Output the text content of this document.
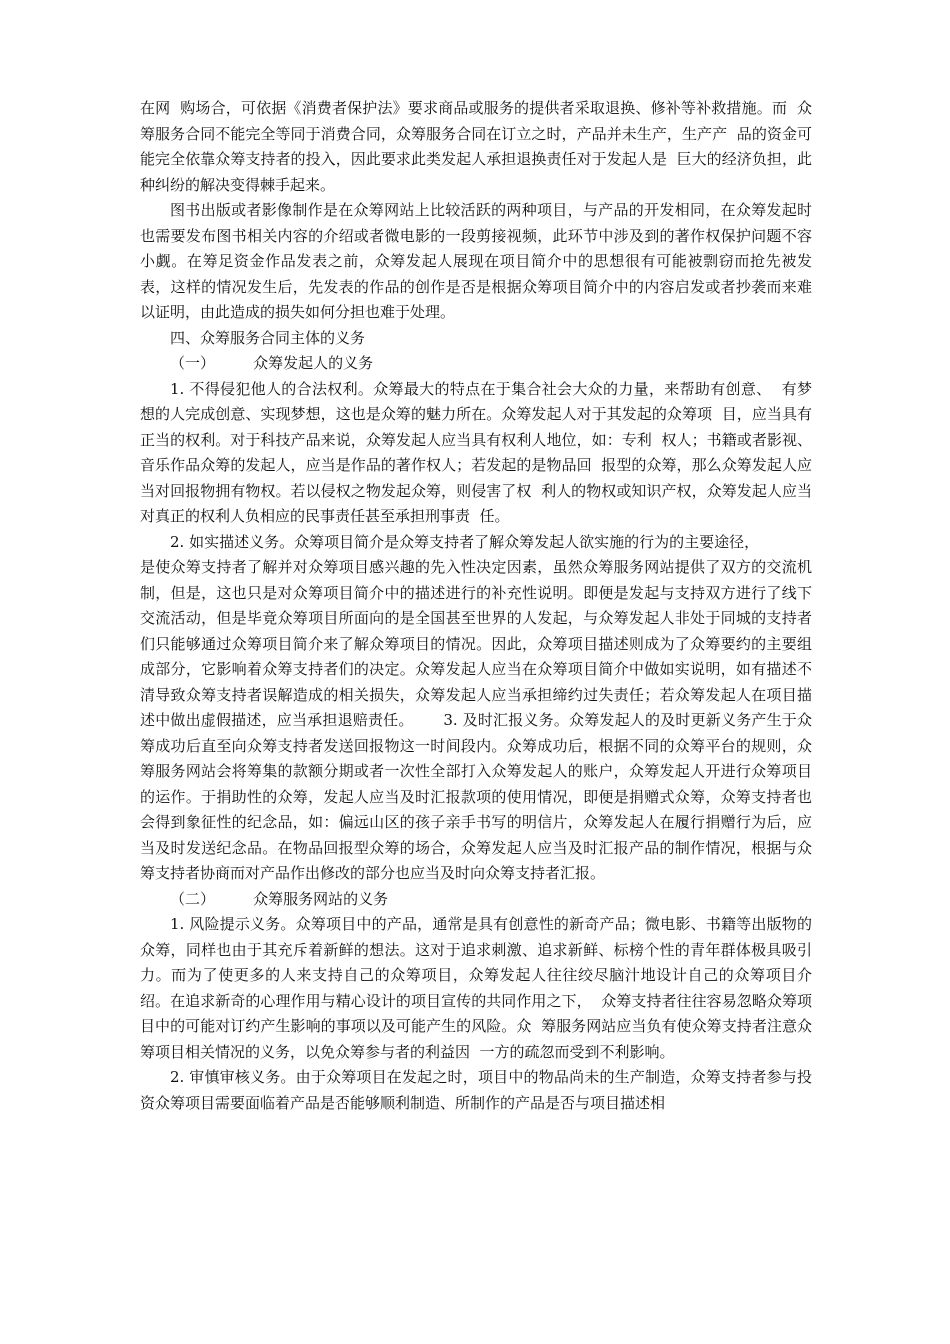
在网  购场合，可依据《消费者保护法》要求商品或服务的提供者采取退换、修补等补救措施。而  众筹服务合同不能完全等同于消费合同，众筹服务合同在订立之时，产品并未生产，生产产  品的资金可能完全依靠众筹支持者的投入，因此要求此类发起人承担退换责任对于发起人是  巨大的经济负担，此种纠纷的解决变得棘手起来。

图书出版或者影像制作是在众筹网站上比较活跃的两种项目，与产品的开发相同，在众筹发起时也需要发布图书相关内容的介绍或者微电影的一段剪接视频，此环节中涉及到的著作权保护问题不容小觑。在筹足资金作品发表之前，众筹发起人展现在项目简介中的思想很有可能被剽窃而抢先被发表，这样的情况发生后，先发表的作品的创作是否是根据众筹项目简介中的内容启发或者抄袭而来难以证明，由此造成的损失如何分担也难于处理。

四、众筹服务合同主体的义务

（一）        众筹发起人的义务

1. 不得侵犯他人的合法权利。众筹最大的特点在于集合社会大众的力量，来帮助有创意、  有梦想的人完成创意、实现梦想，这也是众筹的魅力所在。众筹发起人对于其发起的众筹项  目，应当具有正当的权利。对于科技产品来说，众筹发起人应当具有权利人地位，如：专利  权人；书籍或者影视、音乐作品众筹的发起人，应当是作品的著作权人；若发起的是物品回  报型的众筹，那么众筹发起人应当对回报物拥有物权。若以侵权之物发起众筹，则侵害了权  利人的物权或知识产权，众筹发起人应当对真正的权利人负相应的民事责任甚至承担刑事责  任。

2. 如实描述义务。众筹项目简介是众筹支持者了解众筹发起人欲实施的行为的主要途径，

是使众筹支持者了解并对众筹项目感兴趣的先入性决定因素，虽然众筹服务网站提供了双方的交流机制，但是，这也只是对众筹项目简介中的描述进行的补充性说明。即便是发起与支持双方进行了线下交流活动，但是毕竟众筹项目所面向的是全国甚至世界的人发起，与众筹发起人非处于同城的支持者们只能够通过众筹项目简介来了解众筹项目的情况。因此，众筹项目描述则成为了众筹要约的主要组成部分，它影响着众筹支持者们的决定。众筹发起人应当在众筹项目简介中做如实说明，如有描述不清导致众筹支持者误解造成的相关损失，众筹发起人应当承担缔约过失责任；若众筹发起人在项目描述中做出虚假描述，应当承担退赔责任。      3. 及时汇报义务。众筹发起人的及时更新义务产生于众筹成功后直至向众筹支持者发送回报物这一时间段内。众筹成功后，根据不同的众筹平台的规则，众筹服务网站会将筹集的款额分期或者一次性全部打入众筹发起人的账户，众筹发起人开进行众筹项目的运作。于捐助性的众筹，发起人应当及时汇报款项的使用情况，即便是捐赠式众筹，众筹支持者也会得到象征性的纪念品，如：偏远山区的孩子亲手书写的明信片，众筹发起人在履行捐赠行为后，应当及时发送纪念品。在物品回报型众筹的场合，众筹发起人应当及时汇报产品的制作情况，根据与众筹支持者协商而对产品作出修改的部分也应当及时向众筹支持者汇报。

（二）        众筹服务网站的义务

1. 风险提示义务。众筹项目中的产品，通常是具有创意性的新奇产品；微电影、书籍等出版物的众筹，同样也由于其充斥着新鲜的想法。这对于追求刺激、追求新鲜、标榜个性的青年群体极具吸引力。而为了使更多的人来支持自己的众筹项目，众筹发起人往往绞尽脑汁地设计自己的众筹项目介绍。在追求新奇的心理作用与精心设计的项目宣传的共同作用之下，  众筹支持者往往容易忽略众筹项目中的可能对订约产生影响的事项以及可能产生的风险。众  筹服务网站应当负有使众筹支持者注意众筹项目相关情况的义务，以免众筹参与者的利益因  一方的疏忽而受到不利影响。

2. 审慎审核义务。由于众筹项目在发起之时，项目中的物品尚未的生产制造，众筹支持者参与投资众筹项目需要面临着产品是否能够顺利制造、所制作的产品是否与项目描述相
